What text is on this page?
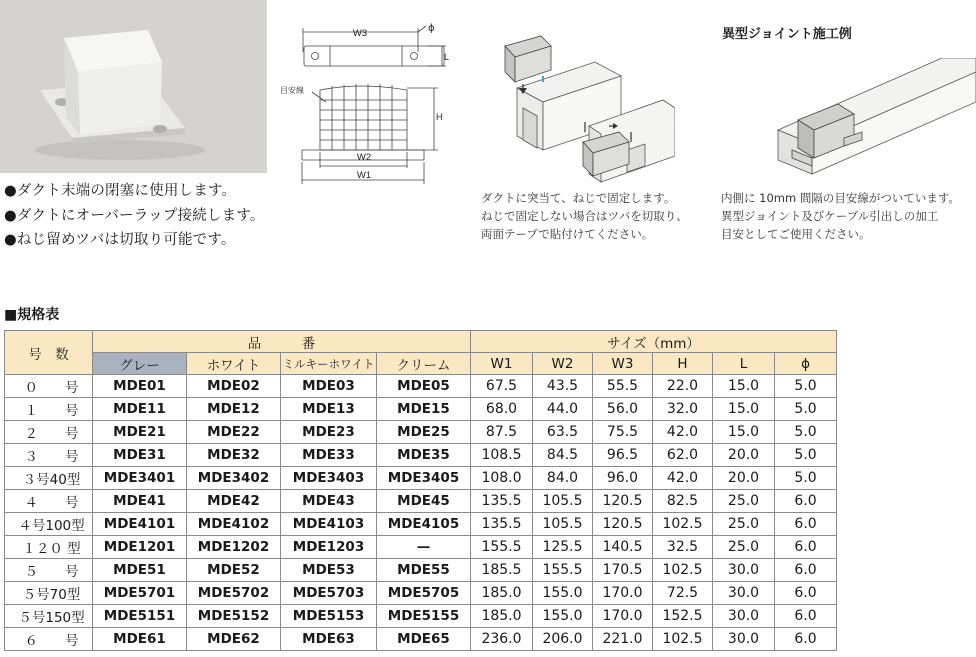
●ダクト末端の閉塞に使用します。
●ダクトにオーバーラップ接続します。
●ねじ留めツバは切取り可能です。
W3	ϕ
L
目安線
H
W2
W1
異型ジョイント施工例
ダクトに突当て、ねじで固定します。
ねじで固定しない場合はツバを切取り、
両面テープで貼付けてください。
内側に 10mm 間隔の目安線がついています。
異型ジョイント及びケーブル引出しの加工
目安としてご使用ください。
■規格表
号　数	品　　　番				サイズ（mm）					
	グレー	ホワイト	ミルキーホワイト	クリーム	W1	W2	W3	H	L	ϕ
０　　号	MDE01	MDE02	MDE03	MDE05	67.5	43.5	55.5	22.0	15.0	5.0
１　　号	MDE11	MDE12	MDE13	MDE15	68.0	44.0	56.0	32.0	15.0	5.0
２　　号	MDE21	MDE22	MDE23	MDE25	87.5	63.5	75.5	42.0	15.0	5.0
３　　号	MDE31	MDE32	MDE33	MDE35	108.5	84.5	96.5	62.0	20.0	5.0
３号40型	MDE3401	MDE3402	MDE3403	MDE3405	108.0	84.0	96.0	42.0	20.0	5.0
４　　号	MDE41	MDE42	MDE43	MDE45	135.5	105.5	120.5	82.5	25.0	6.0
４号100型	MDE4101	MDE4102	MDE4103	MDE4105	135.5	105.5	120.5	102.5	25.0	6.0
１２０ 型	MDE1201	MDE1202	MDE1203	—	155.5	125.5	140.5	32.5	25.0	6.0
５　　号	MDE51	MDE52	MDE53	MDE55	185.5	155.5	170.5	102.5	30.0	6.0
５号70型	MDE5701	MDE5702	MDE5703	MDE5705	185.0	155.0	170.0	72.5	30.0	6.0
５号150型	MDE5151	MDE5152	MDE5153	MDE5155	185.0	155.0	170.0	152.5	30.0	6.0
６　　号	MDE61	MDE62	MDE63	MDE65	236.0	206.0	221.0	102.5	30.0	6.0
